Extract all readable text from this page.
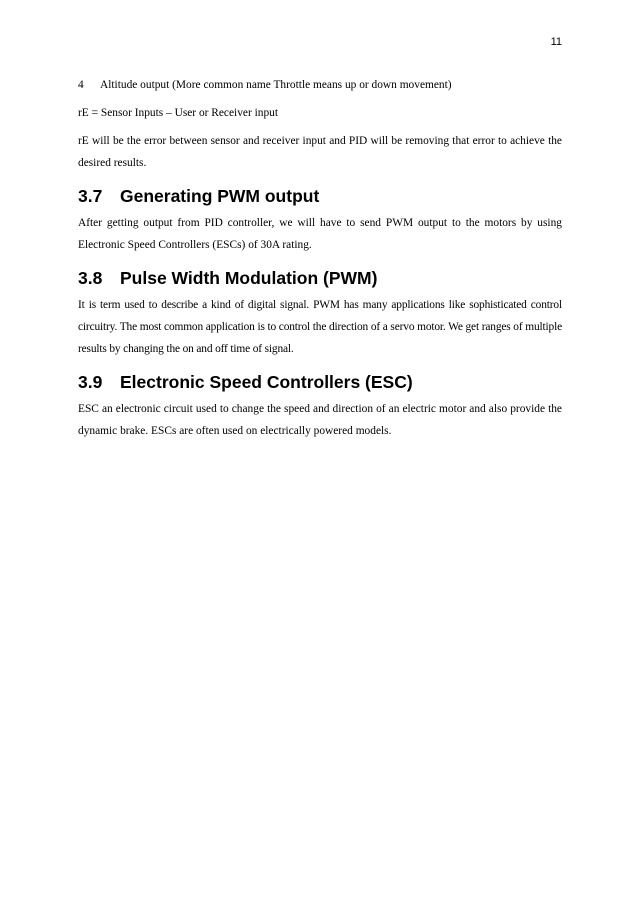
11
4	Altitude output (More common name Throttle means up or down movement)

rE = Sensor Inputs – User or Receiver input

rE will be the error between sensor and receiver input and PID will be removing that error to achieve the desired results.

3.7	Generating PWM output

After getting output from PID controller, we will have to send PWM output to the motors by using Electronic Speed Controllers (ESCs) of 30A rating.

3.8	Pulse Width Modulation (PWM)

It is term used to describe a kind of digital signal. PWM has many applications like sophisticated control circuitry. The most common application is to control the direction of a servo motor. We get ranges of multiple results by changing the on and off time of signal.

3.9	Electronic Speed Controllers (ESC)

ESC an electronic circuit used to change the speed and direction of an electric motor and also provide the dynamic brake. ESCs are often used on electrically powered models.
